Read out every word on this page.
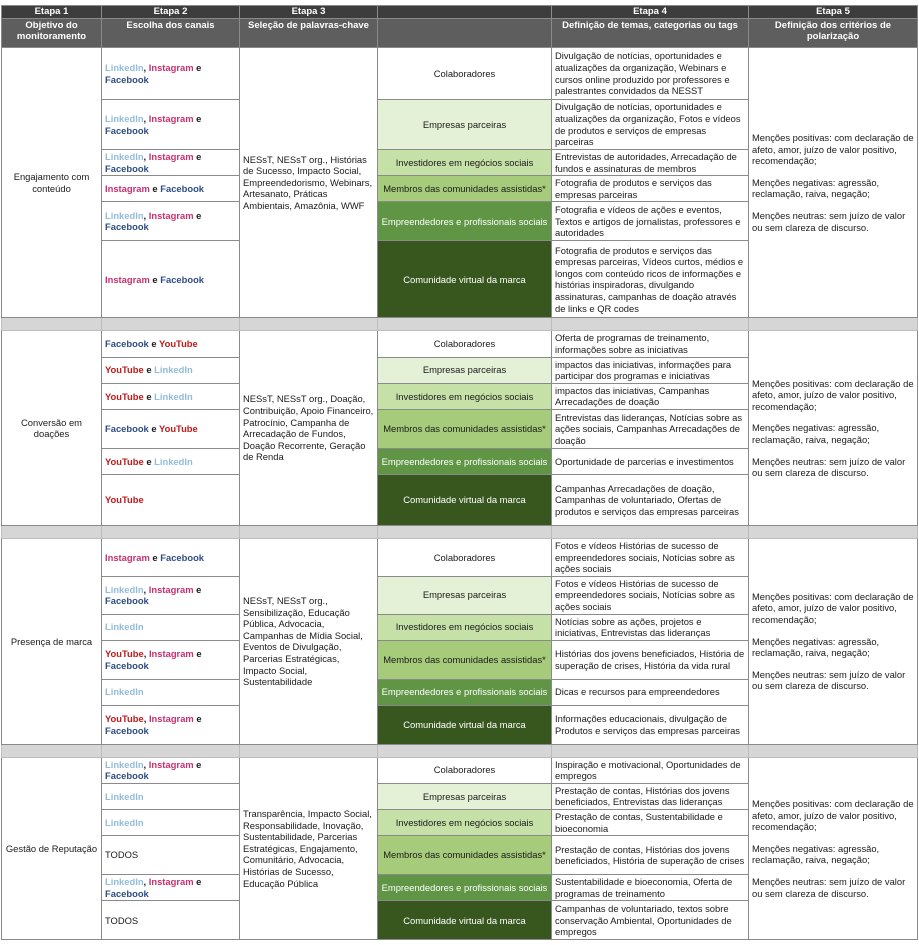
Etapa 1	Etapa 2	Etapa 3		Etapa 4	Etapa 5
Objetivo do monitoramento	Escolha dos canais	Seleção de palavras-chave		Definição de temas, categorias ou tags	Definição dos critérios de polarização
Engajamento com conteúdo	LinkedIn, Instagram e Facebook	NESsT, NESsT org., Histórias de Sucesso, Impacto Social, Empreendedorismo, Webinars, Artesanato, Práticas Ambientais, Amazônia, WWF	Colaboradores	Divulgação de notícias, oportunidades e atualizações da organização, Webinars e cursos online produzido por professores e palestrantes convidados da NESST	Menções positivas: com declaração de afeto, amor, juízo de valor positivo, recomendação;
Menções negativas: agressão, reclamação, raiva, negação;
Menções neutras: sem juízo de valor ou sem clareza de discurso.

	LinkedIn, Instagram e Facebook		Empresas parceiras	Divulgação de notícias, oportunidades e atualizações da organização, Fotos e vídeos de produtos e serviços de empresas parceiras	
	LinkedIn, Instagram e Facebook		Investidores em negócios sociais	Entrevistas de autoridades, Arrecadação de fundos e assinaturas de membros	
	Instagram e Facebook		Membros das comunidades assistidas*	Fotografia de produtos e serviços das empresas parceiras	
	LinkedIn, Instagram e Facebook		Empreendedores e profissionais sociais	Fotografia e vídeos de ações e eventos, Textos e artigos de jornalistas, professores e autoridades	
	Instagram e Facebook		Comunidade virtual da marca	Fotografia de produtos e serviços das empresas parceiras, Vídeos curtos, médios e longos com conteúdo ricos de informações e histórias inspiradoras, divulgando assinaturas, campanhas de doação através de links e QR codes	

Conversão em doações	Facebook e YouTube	NESsT, NESsT org., Doação, Contribuição, Apoio Financeiro, Patrocínio, Campanha de Arrecadação de Fundos, Doação Recorrente, Geração de Renda	Colaboradores	Oferta de programas de treinamento, informações sobre as iniciativas	Menções positivas: com declaração de afeto, amor, juízo de valor positivo, recomendação;
Menções negativas: agressão, reclamação, raiva, negação;
Menções neutras: sem juízo de valor ou sem clareza de discurso.

	YouTube e LinkedIn		Empresas parceiras	impactos das iniciativas, informações para participar dos programas e iniciativas	
	YouTube e LinkedIn		Investidores em negócios sociais	impactos das iniciativas, Campanhas Arrecadações de doação	
	Facebook e YouTube		Membros das comunidades assistidas*	Entrevistas das lideranças, Notícias sobre as ações sociais, Campanhas Arrecadações de doação	
	YouTube e LinkedIn		Empreendedores e profissionais sociais	Oportunidade de parcerias e investimentos	
	YouTube		Comunidade virtual da marca	Campanhas Arrecadações de doação, Campanhas de voluntariado, Ofertas de produtos e serviços das empresas parceiras	

Presença de marca	Instagram e Facebook	NESsT, NESsT org., Sensibilização, Educação Pública, Advocacia, Campanhas de Mídia Social, Eventos de Divulgação, Parcerias Estratégicas, Impacto Social, Sustentabilidade	Colaboradores	Fotos e vídeos Histórias de sucesso de empreendedores sociais, Notícias sobre as ações sociais	Menções positivas: com declaração de afeto, amor, juízo de valor positivo, recomendação;
Menções negativas: agressão, reclamação, raiva, negação;
Menções neutras: sem juízo de valor ou sem clareza de discurso.

	LinkedIn, Instagram e Facebook		Empresas parceiras	Fotos e vídeos Histórias de sucesso de empreendedores sociais, Notícias sobre as ações sociais	
	LinkedIn		Investidores em negócios sociais	Notícias sobre as ações, projetos e iniciativas, Entrevistas das lideranças	
	YouTube, Instagram e Facebook		Membros das comunidades assistidas*	Histórias dos jovens beneficiados, História de superação de crises, História da vida rural	
	LinkedIn		Empreendedores e profissionais sociais	Dicas e recursos para empreendedores	
	YouTube, Instagram e Facebook		Comunidade virtual da marca	Informações educacionais, divulgação de Produtos e serviços das empresas parceiras	

Gestão de Reputação	LinkedIn, Instagram e Facebook	Transparência, Impacto Social, Responsabilidade, Inovação, Sustentabilidade, Parcerias Estratégicas, Engajamento, Comunitário, Advocacia, Histórias de Sucesso, Educação Pública	Colaboradores	Inspiração e motivacional, Oportunidades de empregos	Menções positivas: com declaração de afeto, amor, juízo de valor positivo, recomendação;
Menções negativas: agressão, reclamação, raiva, negação;
Menções neutras: sem juízo de valor ou sem clareza de discurso.

	LinkedIn		Empresas parceiras	Prestação de contas, Histórias dos jovens beneficiados, Entrevistas das lideranças	
	LinkedIn		Investidores em negócios sociais	Prestação de contas, Sustentabilidade e bioeconomia	
	TODOS		Membros das comunidades assistidas*	Prestação de contas, Histórias dos jovens beneficiados, História de superação de crises	
	LinkedIn, Instagram e Facebook		Empreendedores e profissionais sociais	Sustentabilidade e bioeconomia, Oferta de programas de treinamento	
	TODOS		Comunidade virtual da marca	Campanhas de voluntariado, textos sobre conservação Ambiental, Oportunidades de empregos	
